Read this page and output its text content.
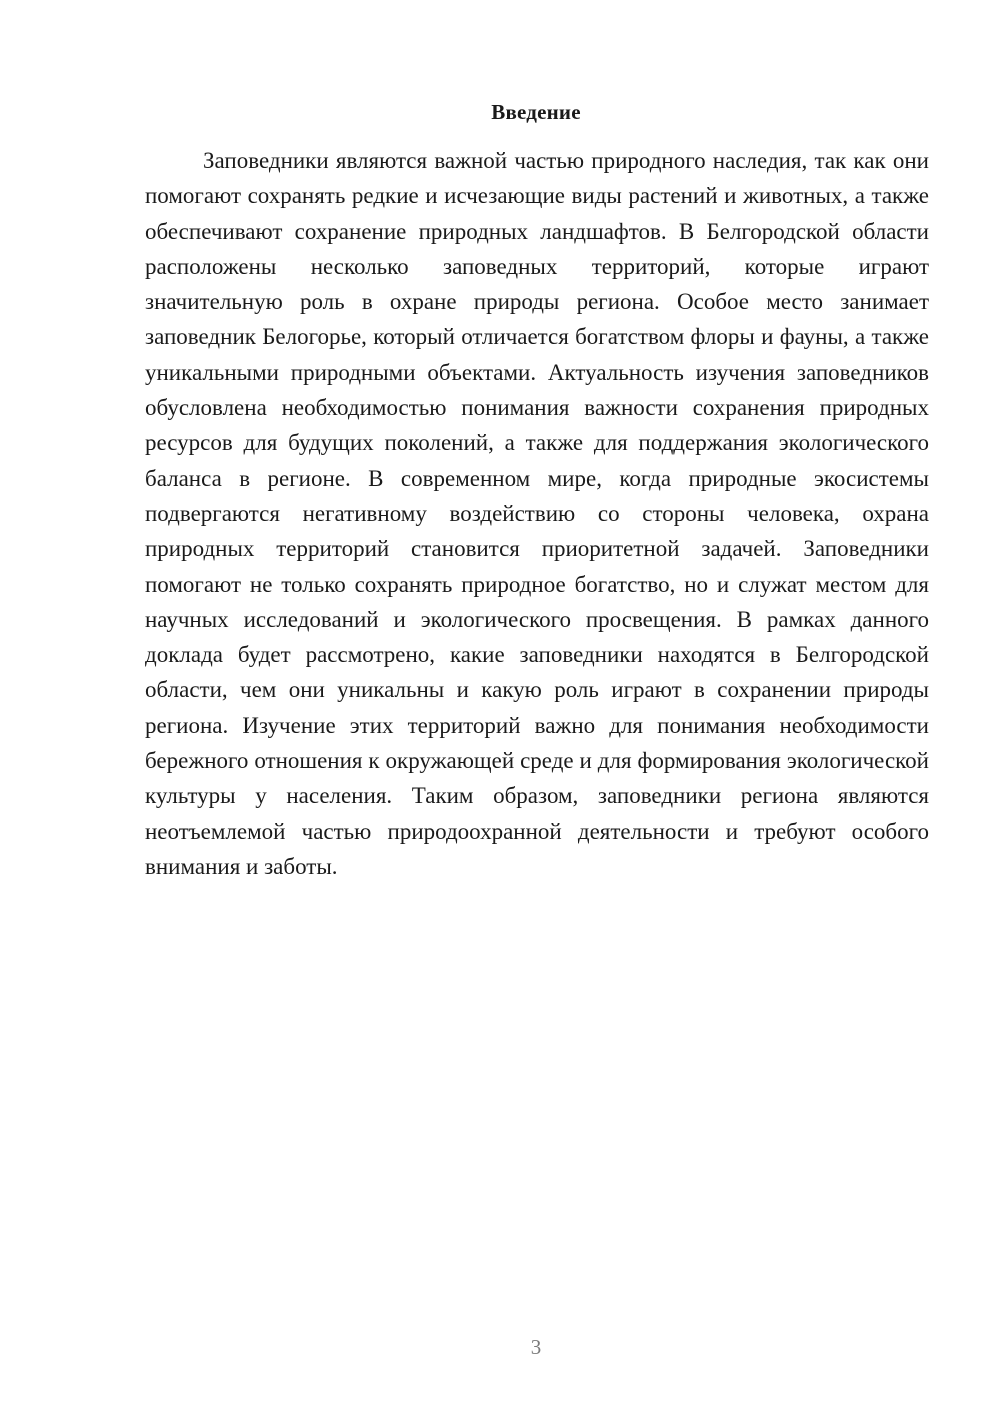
Введение

Заповедники являются важной частью природного наследия, так как они помогают сохранять редкие и исчезающие виды растений и животных, а также обеспечивают сохранение природных ландшафтов. В Белгородской области расположены несколько заповедных территорий, которые играют значительную роль в охране природы региона. Особое место занимает заповедник Белогорье, который отличается богатством флоры и фауны, а также уникальными природными объектами. Актуальность изучения заповедников обусловлена необходимостью понимания важности сохранения природных ресурсов для будущих поколений, а также для поддержания экологического баланса в регионе. В современном мире, когда природные экосистемы подвергаются негативному воздействию со стороны человека, охрана природных территорий становится приоритетной задачей. Заповедники помогают не только сохранять природное богатство, но и служат местом для научных исследований и экологического просвещения. В рамках данного доклада будет рассмотрено, какие заповедники находятся в Белгородской области, чем они уникальны и какую роль играют в сохранении природы региона. Изучение этих территорий важно для понимания необходимости бережного отношения к окружающей среде и для формирования экологической культуры у населения. Таким образом, заповедники региона являются неотъемлемой частью природоохранной деятельности и требуют особого внимания и заботы.

3
